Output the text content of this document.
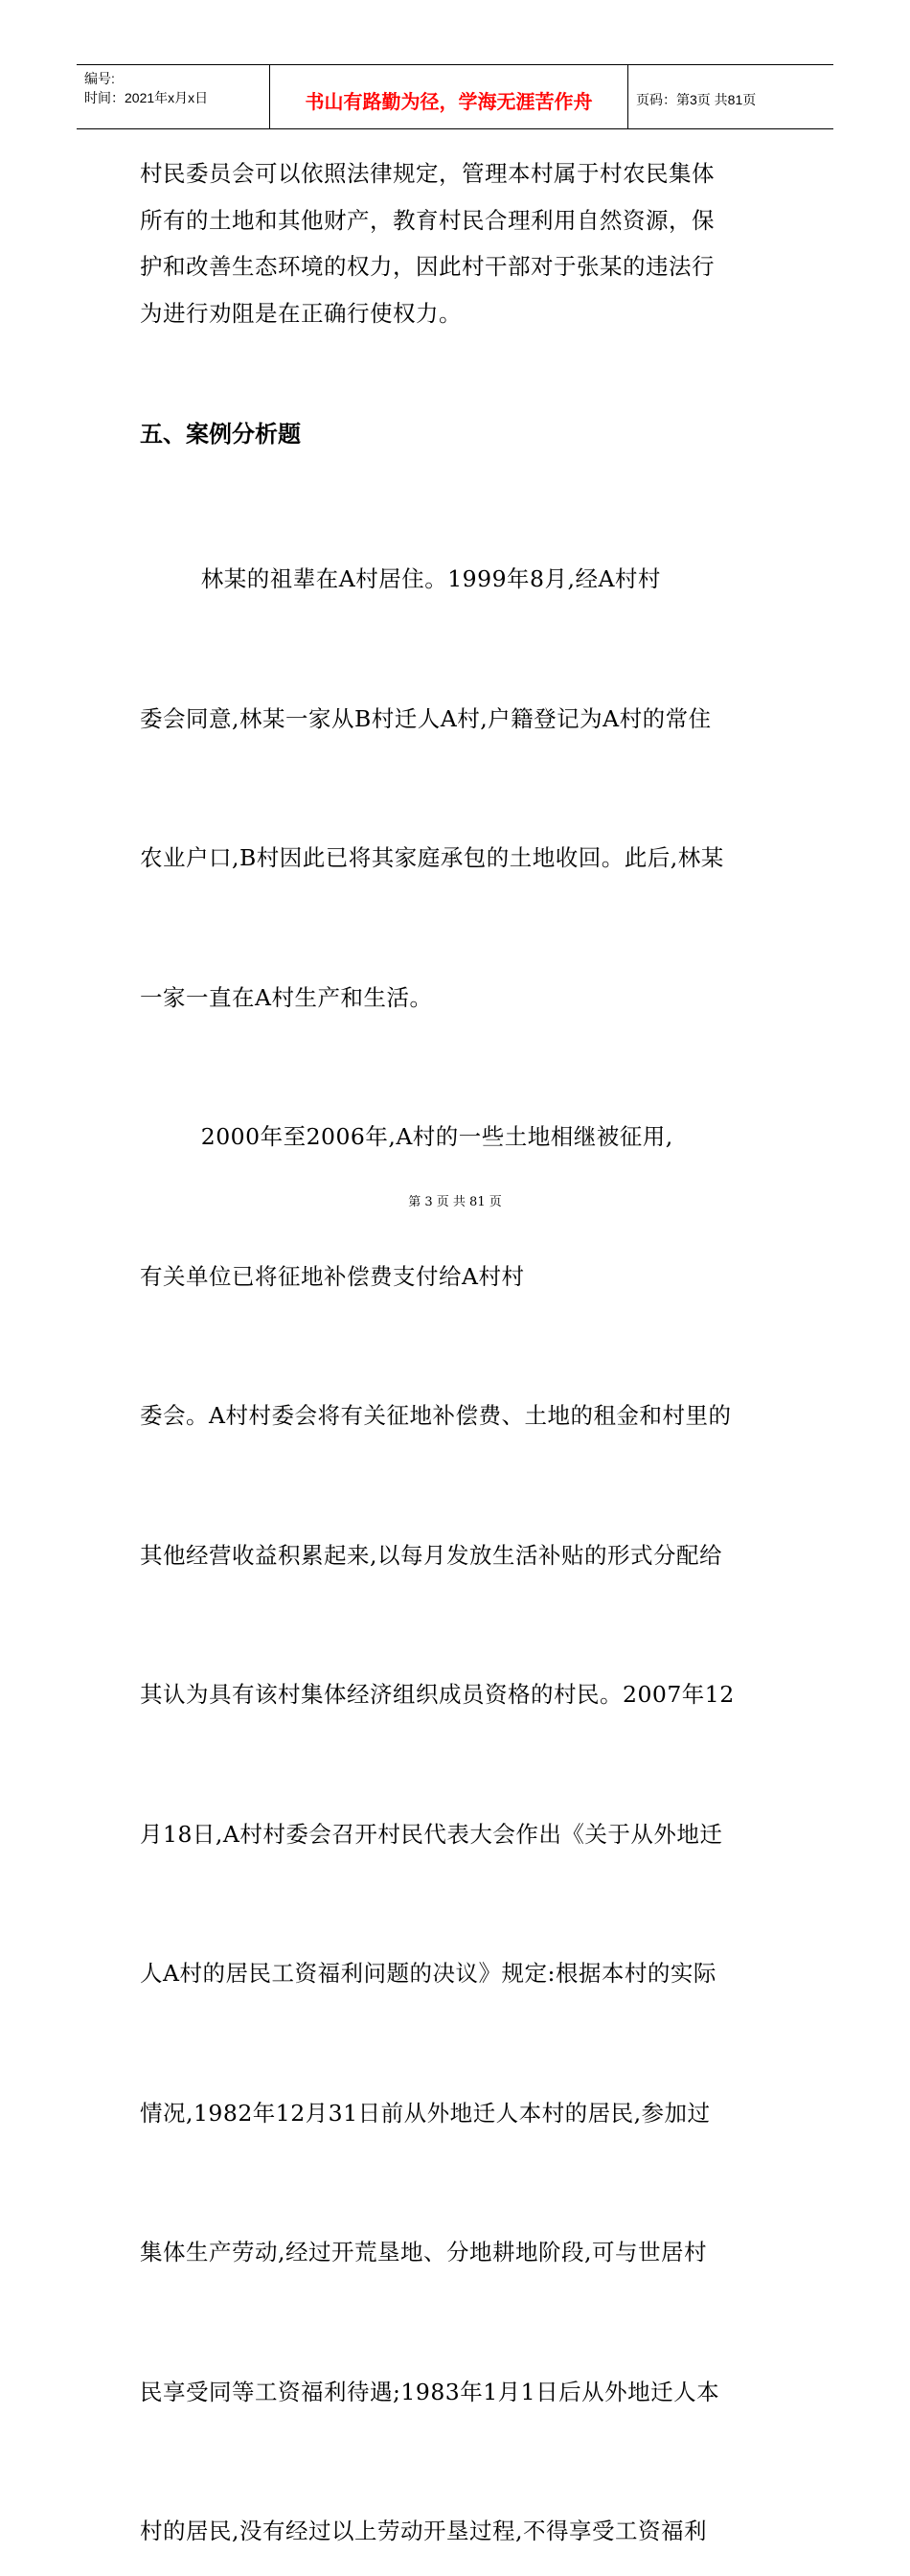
编号:
时间：2021年x月x日	书山有路勤为径，学海无涯苦作舟	页码：第3页 共81页
村民委员会可以依照法律规定，管理本村属于村农民集体
所有的土地和其他财产，教育村民合理利用自然资源，保
护和改善生态环境的权力，因此村干部对于张某的违法行
为进行劝阻是在正确行使权力。
五、案例分析题

林某的祖辈在A村居住。1999年8月,经A村村

委会同意,林某一家从B村迁人A村,户籍登记为A村的常住

农业户口,B村因此已将其家庭承包的土地收回。此后,林某

一家一直在A村生产和生活。

2000年至2006年,A村的一些土地相继被征用,

有关单位已将征地补偿费支付给A村村

委会。A村村委会将有关征地补偿费、土地的租金和村里的

其他经营收益积累起来,以每月发放生活补贴的形式分配给

其认为具有该村集体经济组织成员资格的村民。2007年12

月18日,A村村委会召开村民代表大会作出《关于从外地迁

人A村的居民工资福利问题的决议》规定:根据本村的实际

情况,1982年12月31日前从外地迁人本村的居民,参加过

集体生产劳动,经过开荒垦地、分地耕地阶段,可与世居村

民享受同等工资福利待遇;1983年1月1日后从外地迁人本

村的居民,没有经过以上劳动开垦过程,不得享受工资福利

第 3 页 共 81 页
